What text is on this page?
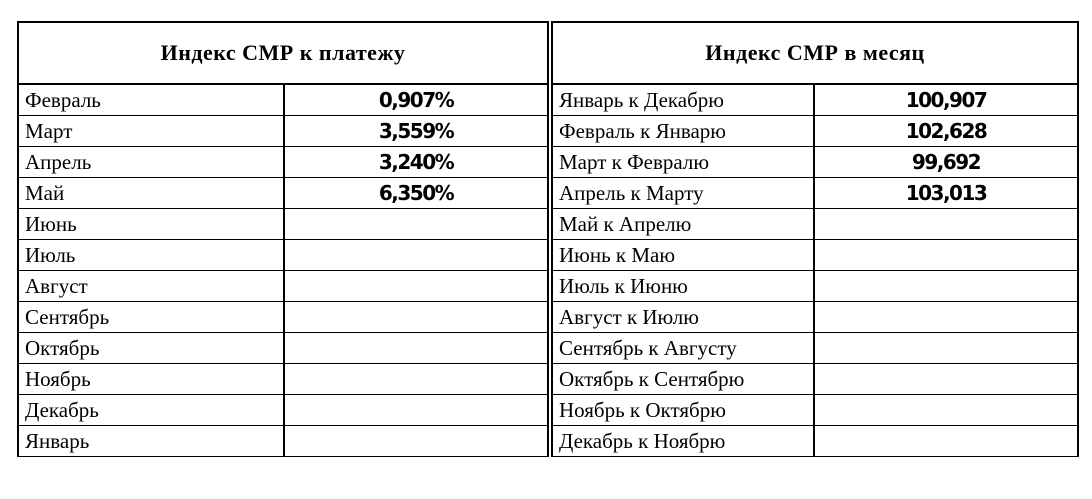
Индекс СМР к платежу			Индекс СМР в месяц	
Февраль	0,907%		Январь к Декабрю	100,907
Март	3,559%		Февраль к Январю	102,628
Апрель	3,240%		Март к Февралю	99,692
Май	6,350%		Апрель к Марту	103,013
Июнь			Май к Апрелю	
Июль			Июнь к Маю	
Август			Июль к Июню	
Сентябрь			Август к Июлю	
Октябрь			Сентябрь к Августу	
Ноябрь			Октябрь к Сентябрю	
Декабрь			Ноябрь к Октябрю	
Январь			Декабрь к Ноябрю	
